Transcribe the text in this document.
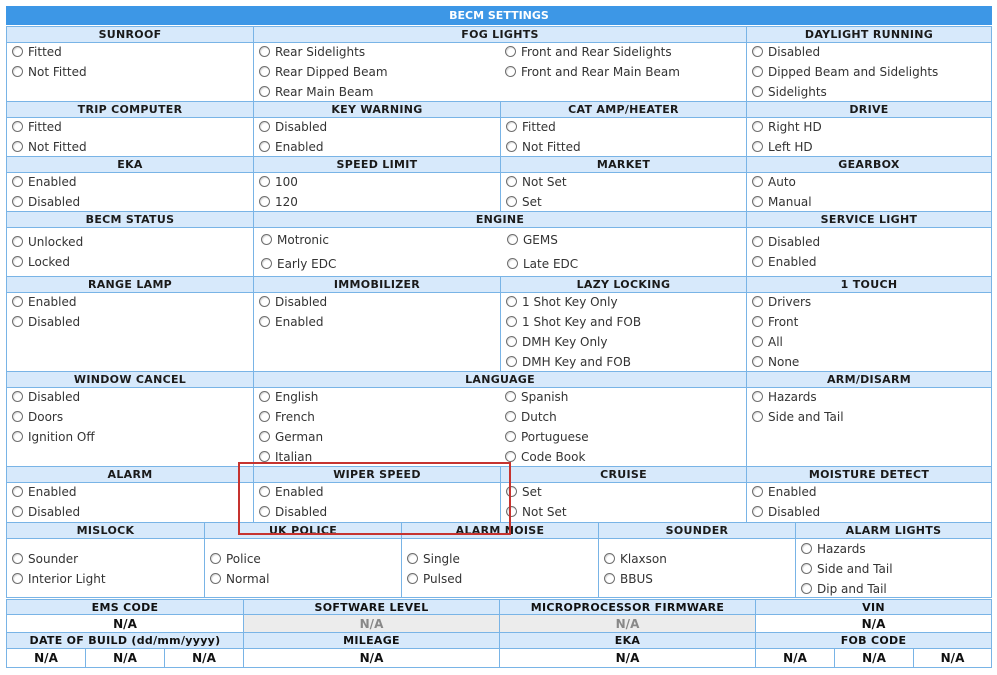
BECM SETTINGS
SUNROOF
Fitted
Not Fitted
FOG LIGHTS
Rear Sidelights
Rear Dipped Beam
Rear Main Beam
Front and Rear Sidelights
Front and Rear Main Beam
DAYLIGHT RUNNING
Disabled
Dipped Beam and Sidelights
Sidelights
TRIP COMPUTER
Fitted
Not Fitted
KEY WARNING
Disabled
Enabled
CAT AMP/HEATER
Fitted
Not Fitted
DRIVE
Right HD
Left HD
EKA
Enabled
Disabled
SPEED LIMIT
100
120
MARKET
Not Set
Set
GEARBOX
Auto
Manual
BECM STATUS
Unlocked
Locked
ENGINE
Motronic
Early EDC
GEMS
Late EDC
SERVICE LIGHT
Disabled
Enabled
RANGE LAMP
Enabled
Disabled
IMMOBILIZER
Disabled
Enabled
LAZY LOCKING
1 Shot Key Only
1 Shot Key and FOB
DMH Key Only
DMH Key and FOB
1 TOUCH
Drivers
Front
All
None
WINDOW CANCEL
Disabled
Doors
Ignition Off
LANGUAGE
English
French
German
Italian
Spanish
Dutch
Portuguese
Code Book
ARM/DISARM
Hazards
Side and Tail
ALARM
Enabled
Disabled
WIPER SPEED
Enabled
Disabled
CRUISE
Set
Not Set
MOISTURE DETECT
Enabled
Disabled
MISLOCK
Sounder
Interior Light
UK POLICE
Police
Normal
ALARM NOISE
Single
Pulsed
SOUNDER
Klaxson
BBUS
ALARM LIGHTS
Hazards
Side and Tail
Dip and Tail
EMS CODE	SOFTWARE LEVEL	MICROPROCESSOR FIRMWARE	VIN
N/A	N/A	N/A	N/A
DATE OF BUILD (dd/mm/yyyy)	MILEAGE	EKA	FOB CODE
N/A	N/A	N/A	N/A	N/A	N/A	N/A	N/A
